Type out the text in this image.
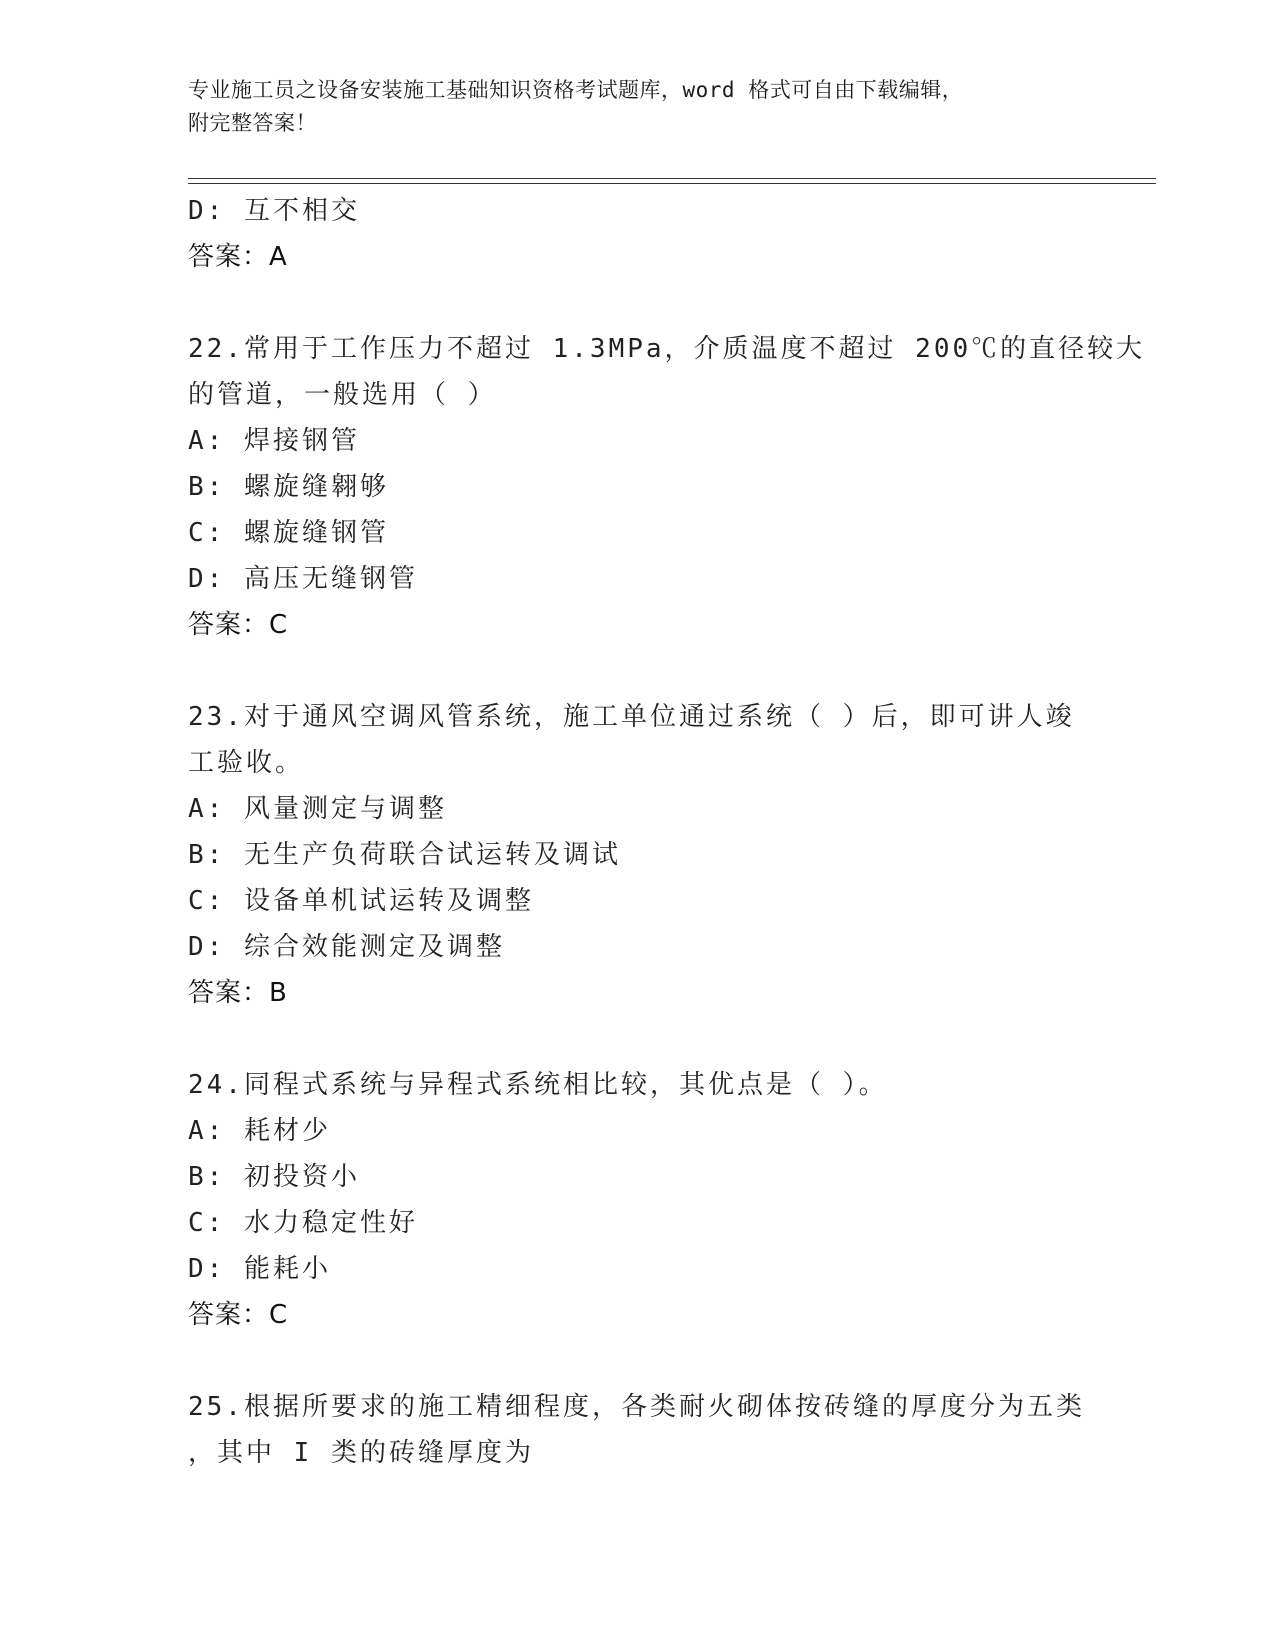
专业施工员之设备安装施工基础知识资格考试题库，word 格式可自由下载编辑，
附完整答案！
D: 互不相交
答案：A
22.常用于工作压力不超过 1.3MPa，介质温度不超过 200℃的直径较大
的管道，一般选用（ ）
A: 焊接钢管
B: 螺旋缝翱够
C: 螺旋缝钢管
D: 高压无缝钢管
答案：C
23.对于通风空调风管系统，施工单位通过系统（ ）后，即可讲人竣
工验收。
A: 风量测定与调整
B: 无生产负荷联合试运转及调试
C: 设备单机试运转及调整
D: 综合效能测定及调整
答案：B
24.同程式系统与异程式系统相比较，其优点是（ ）。
A: 耗材少
B: 初投资小
C: 水力稳定性好
D: 能耗小
答案：C
25.根据所要求的施工精细程度，各类耐火砌体按砖缝的厚度分为五类
，其中 I 类的砖缝厚度为
